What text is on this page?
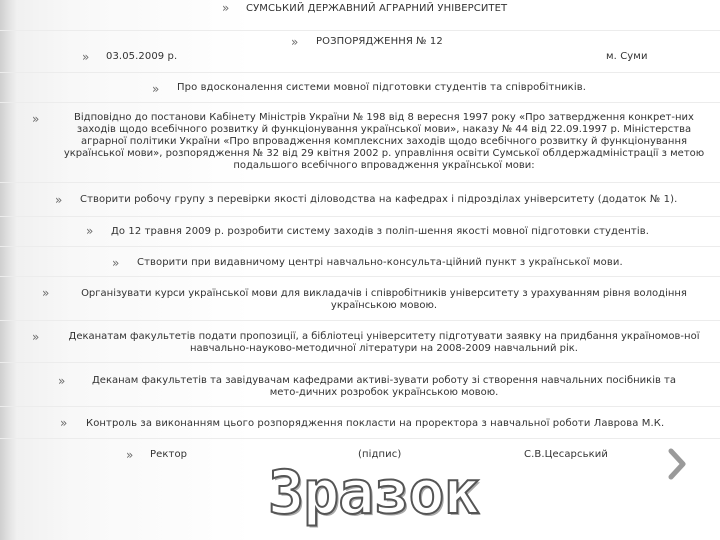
» СУМСЬКИЙ ДЕРЖАВНИЙ АГРАРНИЙ УНІВЕРСИТЕТ
» РОЗПОРЯДЖЕННЯ № 12
» 03.05.2009 р.	м. Суми
» Про вдосконалення системи мовної підготовки студентів та співробітників.
»	Відповідно до постанови Кабінету Міністрів України № 198 від 8 вересня 1997 року «Про затвердження конкрет-них заходів щодо всебічного розвитку й функціонування української мови», наказу № 44 від 22.09.1997 р. Міністерства аграрної політики України «Про впровадження комплексних заходів щодо всебічного розвитку й функціонування української мови», розпорядження № 32 від 29 квітня 2002 р. управління освіти Сумської облдержадміністрації з метою подальшого всебічного впровадження української мови:
» Створити робочу групу з перевірки якості діловодства на кафедрах і підрозділах університету (додаток № 1).
» До 12 травня 2009 р. розробити систему заходів з поліп-шення якості мовної підготовки студентів.
» Створити при видавничому центрі навчально-консульта-ційний пункт з української мови.
»	Організувати курси української мови для викладачів і співробітників університету з урахуванням рівня володіння українською мовою.
»	Деканатам факультетів подати пропозиції, а бібліотеці університету підготувати заявку на придбання україномов-ної навчально-науково-методичної літератури на 2008-2009 навчальний рік.
»	Деканам факультетів та завідувачам кафедрами активі-зувати роботу зі створення навчальних посібників та мето-дичних розробок українською мовою.
» Контроль за виконанням цього розпорядження покласти на проректора з навчальної роботи Лаврова М.К.
» Ректор	(підпис)	С.В.Цесарський
Зразок
